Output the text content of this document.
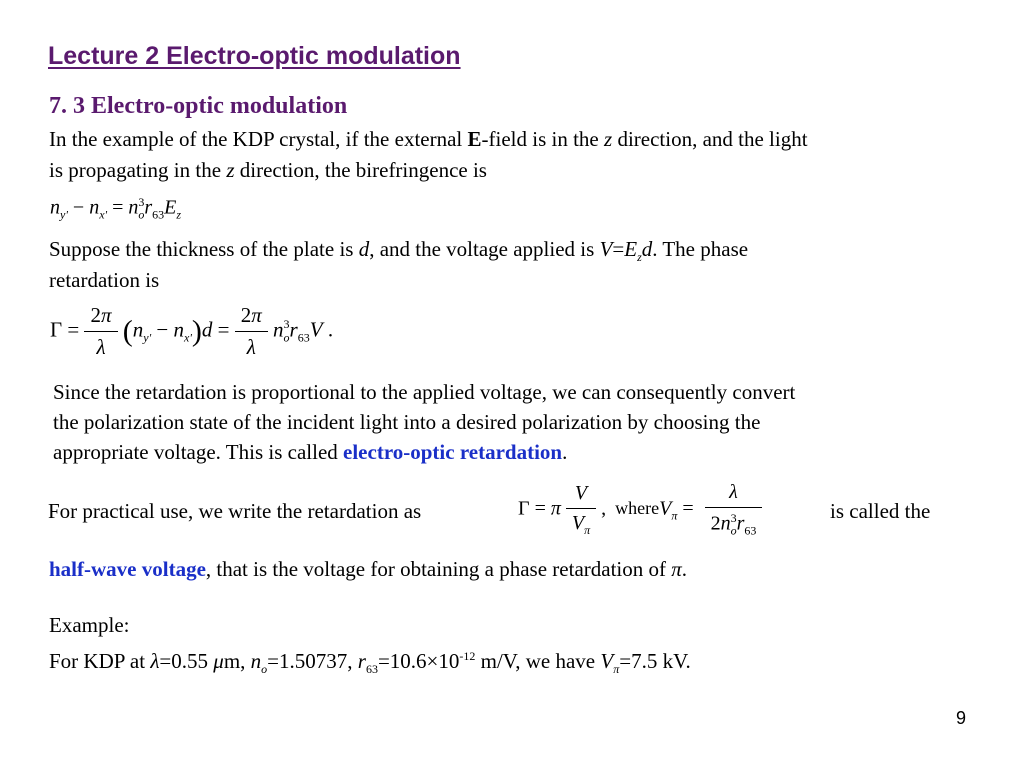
Lecture 2 Electro-optic modulation
7. 3 Electro-optic modulation
In the example of the KDP crystal, if the external E-field is in the z direction, and the light
is propagating in the z direction, the birefringence is
$n_{y'} - n_{x'} = n_o^3r_{63}E_z$
Suppose the thickness of the plate is d, and the voltage applied is $V=E_zd$. The phase
retardation is
$\Gamma = \frac{2\pi}{\lambda} (n_{y'} - n_{x'})d = \frac{2\pi}{\lambda} n_o^3r_{63}V$ .
Since the retardation is proportional to the applied voltage, we can consequently convert
the polarization state of the incident light into a desired polarization by choosing the
appropriate voltage. This is called electro-optic retardation.
For practical use, we write the retardation as	Γ = π $\frac{V}{V_\pi}$ , whereV$_\pi$ = $\frac{\lambda}{2n_o^3r_{63}}$	is called the
half-wave voltage, that is the voltage for obtaining a phase retardation of π.
Example:
For KDP at λ=0.55 μm, $n_o=1.50737$, $r_{63}=10.6\times 10^{-12}$ m/V, we have $V_\pi=7.5$ kV.
9
